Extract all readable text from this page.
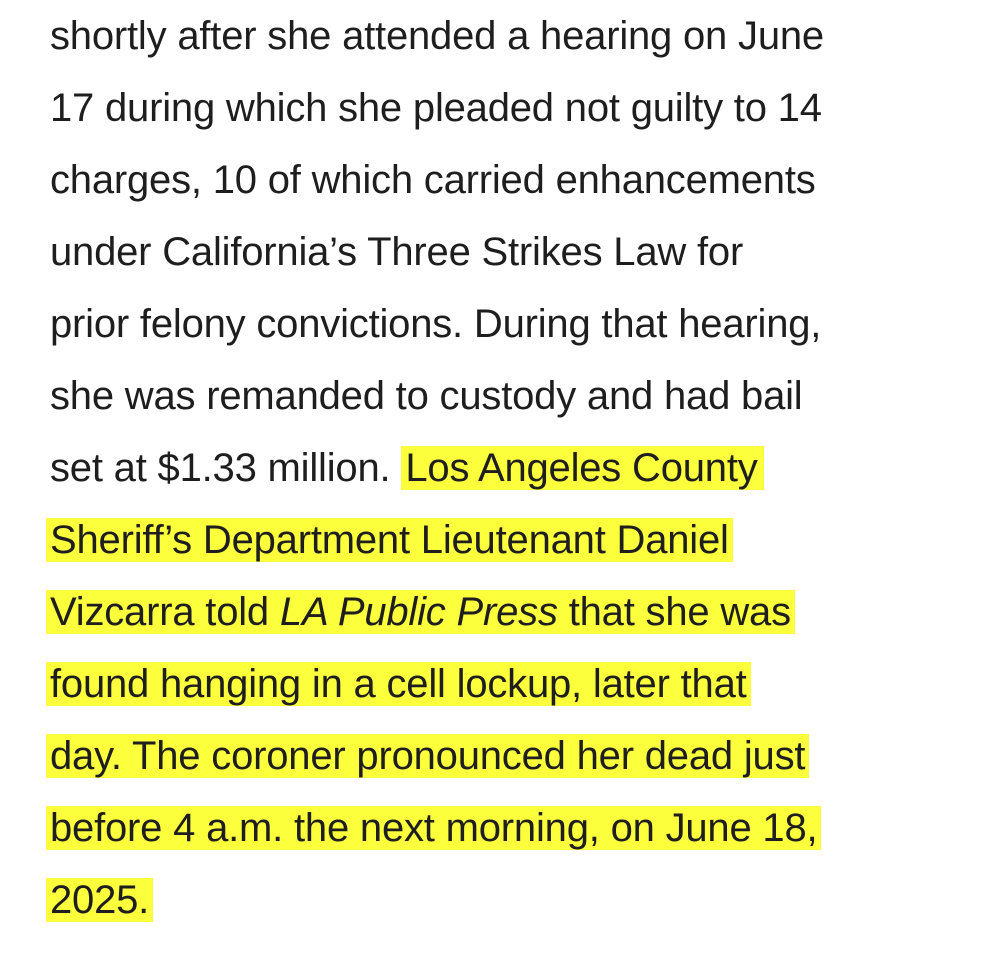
shortly after she attended a hearing on June
17 during which she pleaded not guilty to 14
charges, 10 of which carried enhancements
under California’s Three Strikes Law for
prior felony convictions. During that hearing,
she was remanded to custody and had bail
set at $1.33 million. Los Angeles County
Sheriff’s Department Lieutenant Daniel
Vizcarra told LA Public Press that she was
found hanging in a cell lockup, later that
day. The coroner pronounced her dead just
before 4 a.m. the next morning, on June 18,
2025.
